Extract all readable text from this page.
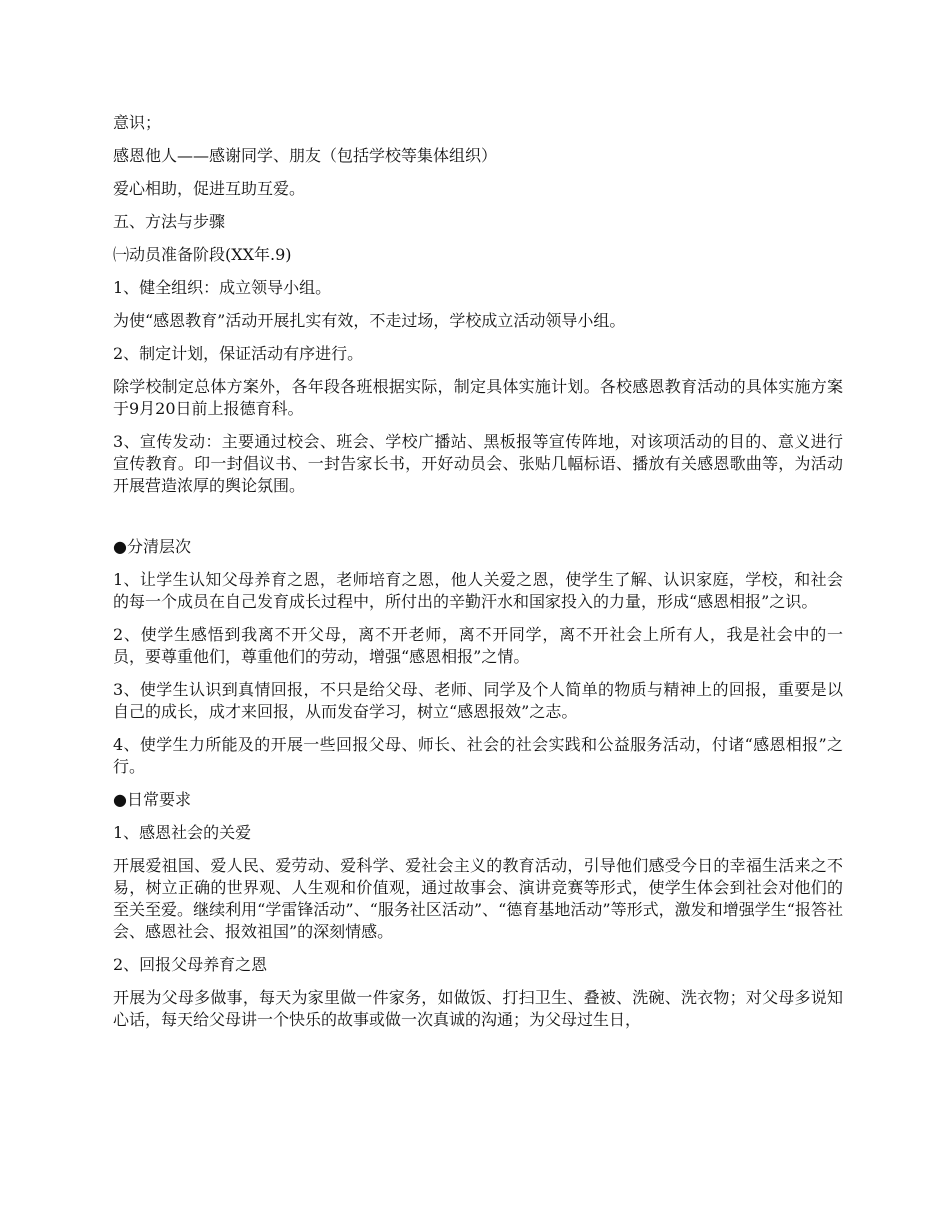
意识；

感恩他人——感谢同学、朋友（包括学校等集体组织）

爱心相助，促进互助互爱。

五、方法与步骤

㈠动员准备阶段(XX年.9)

1、健全组织：成立领导小组。

为使“感恩教育”活动开展扎实有效，不走过场，学校成立活动领导小组。

2、制定计划，保证活动有序进行。

除学校制定总体方案外，各年段各班根据实际，制定具体实施计划。各校感恩教育活动的具体实施方案于9月20日前上报德育科。

3、宣传发动：主要通过校会、班会、学校广播站、黑板报等宣传阵地，对该项活动的目的、意义进行宣传教育。印一封倡议书、一封告家长书，开好动员会、张贴几幅标语、播放有关感恩歌曲等，为活动开展营造浓厚的舆论氛围。

●分清层次

1、让学生认知父母养育之恩，老师培育之恩，他人关爱之恩，使学生了解、认识家庭，学校，和社会的每一个成员在自己发育成长过程中，所付出的辛勤汗水和国家投入的力量，形成“感恩相报”之识。

2、使学生感悟到我离不开父母，离不开老师，离不开同学，离不开社会上所有人，我是社会中的一员，要尊重他们，尊重他们的劳动，增强“感恩相报”之情。

3、使学生认识到真情回报，不只是给父母、老师、同学及个人简单的物质与精神上的回报，重要是以自己的成长，成才来回报，从而发奋学习，树立“感恩报效”之志。

4、使学生力所能及的开展一些回报父母、师长、社会的社会实践和公益服务活动，付诸“感恩相报”之行。

●日常要求

1、感恩社会的关爱

开展爱祖国、爱人民、爱劳动、爱科学、爱社会主义的教育活动，引导他们感受今日的幸福生活来之不易，树立正确的世界观、人生观和价值观，通过故事会、演讲竞赛等形式，使学生体会到社会对他们的至关至爱。继续利用“学雷锋活动”、“服务社区活动”、“德育基地活动”等形式，激发和增强学生“报答社会、感恩社会、报效祖国”的深刻情感。

2、回报父母养育之恩

开展为父母多做事，每天为家里做一件家务，如做饭、打扫卫生、叠被、洗碗、洗衣物；对父母多说知心话，每天给父母讲一个快乐的故事或做一次真诚的沟通；为父母过生日，
